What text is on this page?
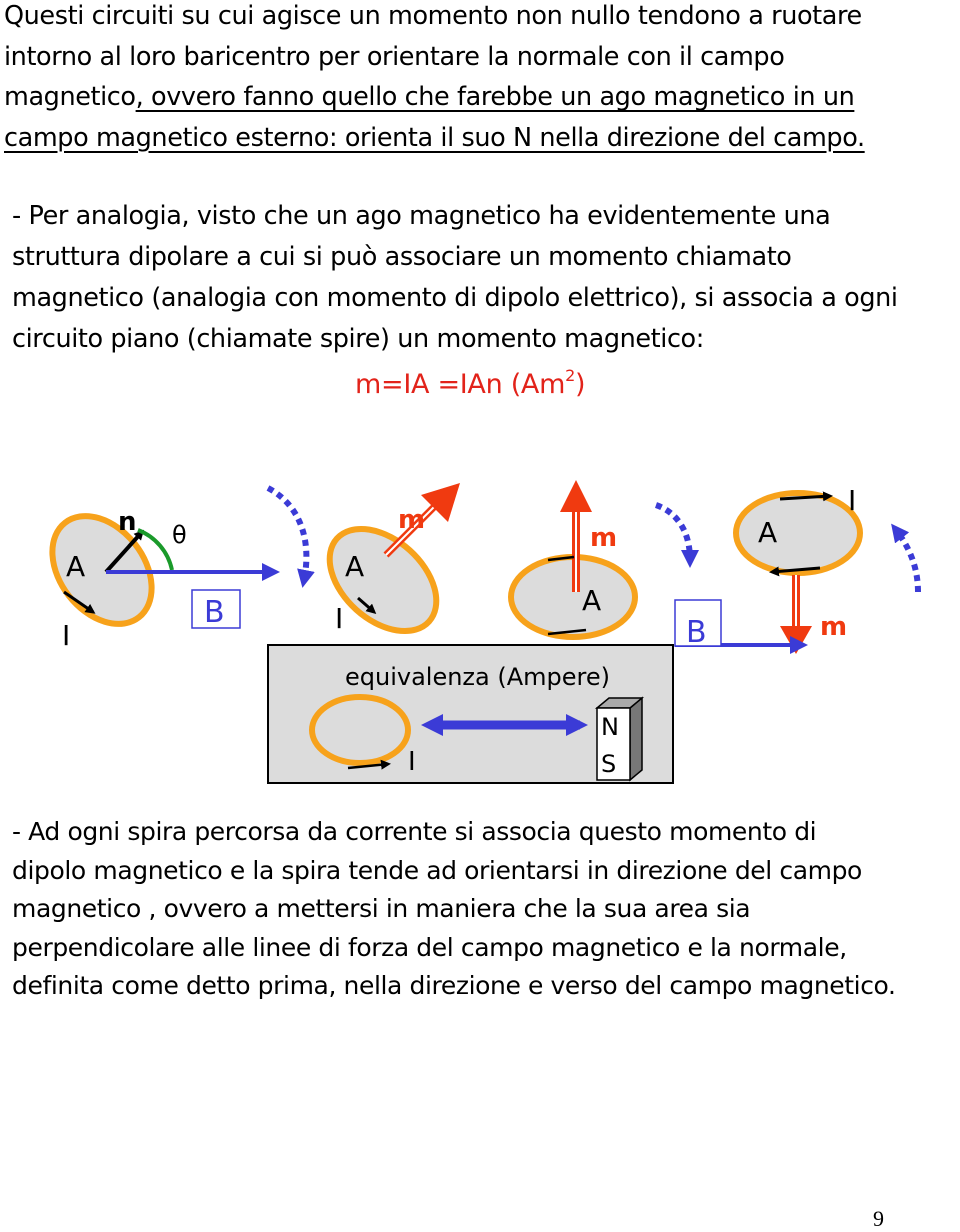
Questi circuiti su cui agisce un momento non nullo tendono a ruotare
intorno al loro baricentro per orientare la normale con il campo
magnetico, ovvero fanno quello che farebbe un ago magnetico in un
campo magnetico esterno: orienta il suo N nella direzione del campo.

- Per analogia, visto che un ago magnetico ha evidentemente una
struttura dipolare a cui si può associare un momento chiamato
magnetico (analogia con momento di dipolo elettrico), si associa a ogni
circuito piano (chiamate spire) un momento magnetico:

m=IA =IAn (Am$^2$)
equivalenza (Ampere)
I
N
S
A
n θ
I
B
A
m
I
m
A
A
I
m
B

- Ad ogni spira percorsa da corrente si associa questo momento di
dipolo magnetico e la spira tende ad orientarsi in direzione del campo
magnetico , ovvero a mettersi in maniera che la sua area sia
perpendicolare alle linee di forza del campo magnetico e la normale,
definita come detto prima, nella direzione e verso del campo magnetico.

9
